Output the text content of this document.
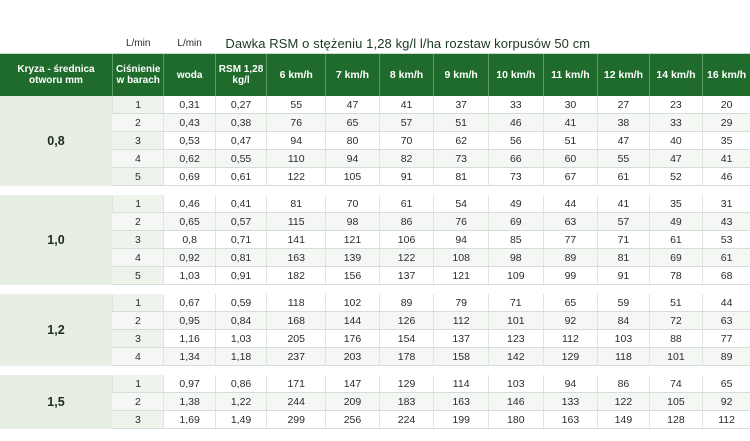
	L/min	L/min	Dawka RSM o stężeniu 1,28 kg/l l/ha rozstaw korpusów 50 cm									
Kryza - średnica otworu mm	Ciśnienie w barach	woda	RSM 1,28 kg/l	6 km/h	7 km/h	8 km/h	9 km/h	10 km/h	11 km/h	12 km/h	14 km/h	16 km/h
0,8	1	0,31	0,27	55	47	41	37	33	30	27	23	20
	2	0,43	0,38	76	65	57	51	46	41	38	33	29
	3	0,53	0,47	94	80	70	62	56	51	47	40	35
	4	0,62	0,55	110	94	82	73	66	60	55	47	41
	5	0,69	0,61	122	105	91	81	73	67	61	52	46

1,0	1	0,46	0,41	81	70	61	54	49	44	41	35	31
	2	0,65	0,57	115	98	86	76	69	63	57	49	43
	3	0,8	0,71	141	121	106	94	85	77	71	61	53
	4	0,92	0,81	163	139	122	108	98	89	81	69	61
	5	1,03	0,91	182	156	137	121	109	99	91	78	68

1,2	1	0,67	0,59	118	102	89	79	71	65	59	51	44
	2	0,95	0,84	168	144	126	112	101	92	84	72	63
	3	1,16	1,03	205	176	154	137	123	112	103	88	77
	4	1,34	1,18	237	203	178	158	142	129	118	101	89

1,5	1	0,97	0,86	171	147	129	114	103	94	86	74	65
	2	1,38	1,22	244	209	183	163	146	133	122	105	92
	3	1,69	1,49	299	256	224	199	180	163	149	128	112
